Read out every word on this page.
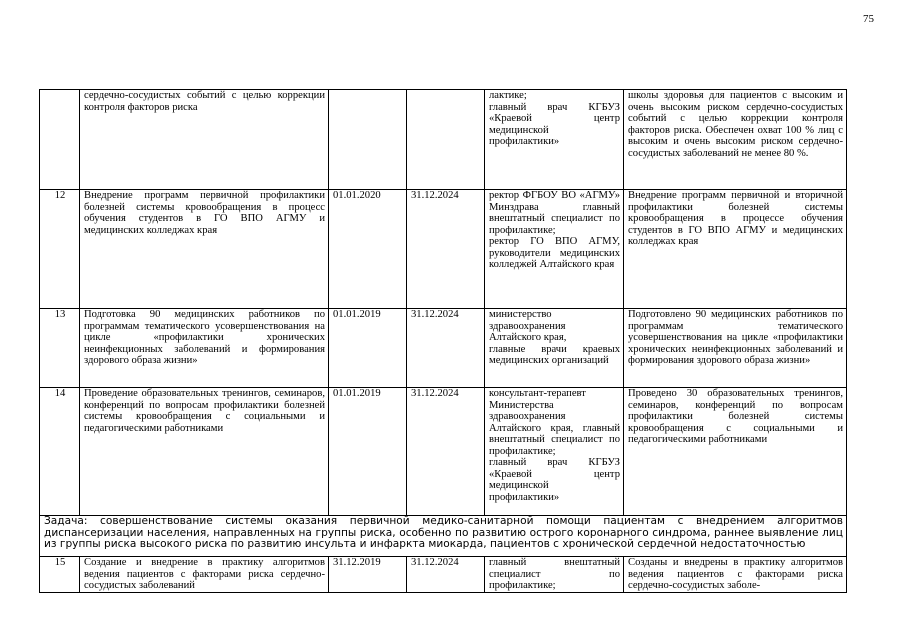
75
	сердечно-сосудистых событий с целью коррекции контроля факторов риска			лактике;
главный врач КГБУЗ «Краевой центр медицинской профилактики»	школы здоровья для пациентов с высоким и очень высоким риском сердечно-сосудистых событий с целью коррекции контроля факторов риска. Обеспечен охват 100 % лиц с высоким и очень высоким риском сердечно-сосудистых заболеваний не менее 80 %.
12	Внедрение программ первичной профилактики болезней системы кровообращения в процесс обучения студентов в ГО ВПО АГМУ и медицинских колледжах края	01.01.2020	31.12.2024	ректор ФГБОУ ВО «АГМУ» Минздрава главный внештатный специалист по профилактике;
ректор ГО ВПО АГМУ, руководители медицинских колледжей Алтайского края	Внедрение программ первичной и вторичной профилактики болезней системы кровообращения в процессе обучения студентов в ГО ВПО АГМУ и медицинских колледжах края
13	Подготовка 90 медицинских работников по программам тематического усовершенствования на цикле «профилактики хронических неинфекционных заболеваний и формирования здорового образа жизни»	01.01.2019	31.12.2024	министерство здравоохранения Алтайского края,
главные врачи краевых медицинских организаций	Подготовлено 90 медицинских работников по программам тематического усовершенствования на цикле «профилактики хронических неинфекционных заболеваний и формирования здорового образа жизни»
14	Проведение образовательных тренингов, семинаров, конференций по вопросам профилактики болезней системы кровообращения с социальными и педагогическими работниками	01.01.2019	31.12.2024	консультант-терапевт Министерства здравоохранения Алтайского края, главный внештатный специалист по профилактике;
главный врач КГБУЗ «Краевой центр медицинской профилактики»	Проведено 30 образовательных тренингов, семинаров, конференций по вопросам профилактики болезней системы кровообращения с социальными и педагогическими работниками
Задача: совершенствование системы оказания первичной медико-санитарной помощи пациентам с внедрением алгоритмов диспансеризации населения, направленных на группы риска, особенно по развитию острого коронарного синдрома, раннее выявление лиц из группы риска высокого риска по развитию инсульта и инфаркта миокарда, пациентов с хронической сердечной недостаточностью					
15	Создание и внедрение в практику алгоритмов ведения пациентов с факторами риска сердечно-сосудистых заболеваний	31.12.2019	31.12.2024	главный внештатный специалист по профилактике;	Созданы и внедрены в практику алгоритмов ведения пациентов с факторами риска сердечно-сосудистых заболе-
